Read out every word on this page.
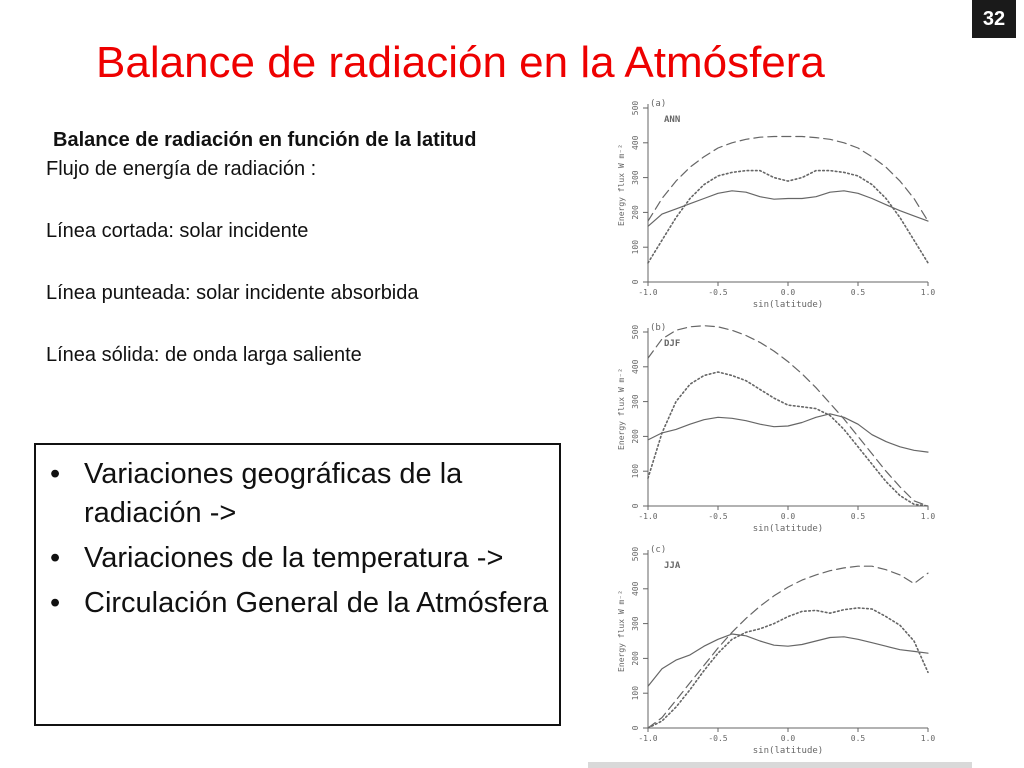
32
Balance de radiación en la Atmósfera
Balance de radiación en función de la latitud
Flujo de energía de radiación :
Línea cortada: solar incidente
Línea punteada: solar incidente absorbida
Línea sólida: de onda larga saliente
• Variaciones geográficas de la radiación ->
• Variaciones de la temperatura ->
• Circulación General de la Atmósfera
0
100
200
300
400
500
-1.0	-0.5	0.0	0.5	1.0
sin(latitude)
Energy flux W m⁻²
(a)
ANN
0
100
200
300
400
500
-1.0	-0.5	0.0	0.5	1.0
sin(latitude)
Energy flux W m⁻²
(b)
DJF
0
100
200
300
400
500
-1.0	-0.5	0.0	0.5	1.0
sin(latitude)
Energy flux W m⁻²
(c)
JJA
